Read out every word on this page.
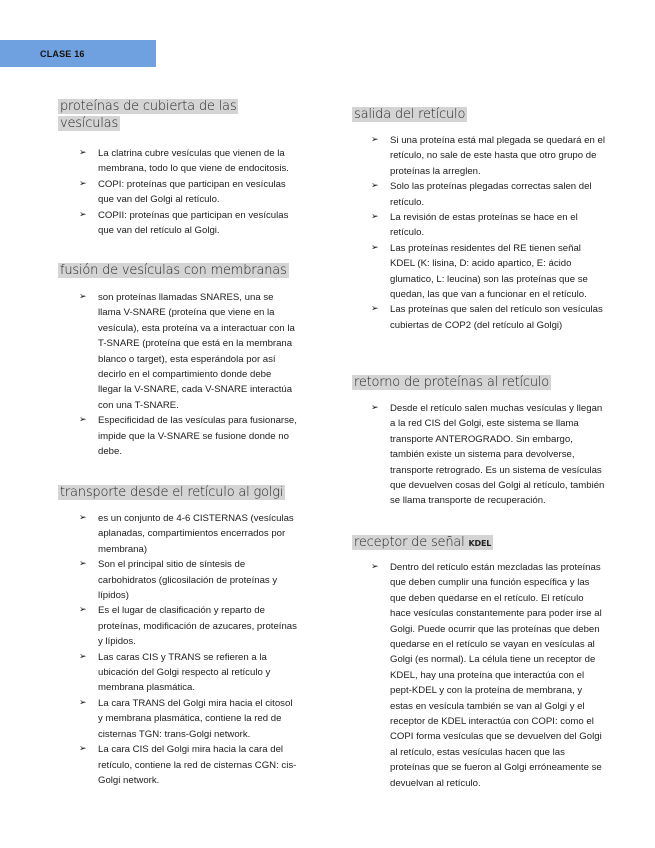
CLASE 16
proteínas de cubierta de las vesículas
➢ La clatrina cubre vesículas que vienen de la membrana, todo lo que viene de endocitosis.
➢ COPI: proteínas que participan en vesículas que van del Golgi al retículo.
➢ COPII: proteínas que participan en vesículas que van del retículo al Golgi.
fusión de vesículas con membranas
➢ son proteínas llamadas SNARES, una se llama V-SNARE (proteína que viene en la vesícula), esta proteína va a interactuar con la T-SNARE (proteína que está en la membrana blanco o target), esta esperándola por así decirlo en el compartimiento donde debe llegar la V-SNARE, cada V-SNARE interactúa con una T-SNARE.
➢ Especificidad de las vesículas para fusionarse, impide que la V-SNARE se fusione donde no debe.
transporte desde el retículo al golgi
➢ es un conjunto de 4-6 CISTERNAS (vesículas aplanadas, compartimientos encerrados por membrana)
➢ Son el principal sitio de síntesis de carbohidratos (glicosilación de proteínas y lípidos)
➢ Es el lugar de clasificación y reparto de proteínas, modificación de azucares, proteínas y lípidos.
➢ Las caras CIS y TRANS se refieren a la ubicación del Golgi respecto al retículo y membrana plasmática.
➢ La cara TRANS del Golgi mira hacia el citosol y membrana plasmática, contiene la red de cisternas TGN: trans-Golgi network.
➢ La cara CIS del Golgi mira hacia la cara del retículo, contiene la red de cisternas CGN: cis-Golgi network.
salida del retículo
➢ Si una proteína está mal plegada se quedará en el retículo, no sale de este hasta que otro grupo de proteínas la arreglen.
➢ Solo las proteínas plegadas correctas salen del retículo.
➢ La revisión de estas proteínas se hace en el retículo.
➢ Las proteínas residentes del RE tienen señal KDEL (K: lisina, D: acido apartico, E: ácido glumatico, L: leucina) son las proteínas que se quedan, las que van a funcionar en el retículo.
➢ Las proteínas que salen del retículo son vesículas cubiertas de COP2 (del retículo al Golgi)
retorno de proteínas al retículo
➢ Desde el retículo salen muchas vesículas y llegan a la red CIS del Golgi, este sistema se llama transporte ANTEROGRADO. Sin embargo, también existe un sistema para devolverse, transporte retrogrado. Es un sistema de vesículas que devuelven cosas del Golgi al retículo, también se llama transporte de recuperación.
receptor de señal KDEL
➢ Dentro del retículo están mezcladas las proteínas que deben cumplir una función específica y las que deben quedarse en el retículo. El retículo hace vesículas constantemente para poder irse al Golgi. Puede ocurrir que las proteínas que deben quedarse en el retículo se vayan en vesículas al Golgi (es normal). La célula tiene un receptor de KDEL, hay una proteína que interactúa con el pept-KDEL y con la proteína de membrana, y estas en vesícula también se van al Golgi y el receptor de KDEL interactúa con COPI: como el COPI forma vesículas que se devuelven del Golgi al retículo, estas vesículas hacen que las proteínas que se fueron al Golgi erróneamente se devuelvan al retículo.
